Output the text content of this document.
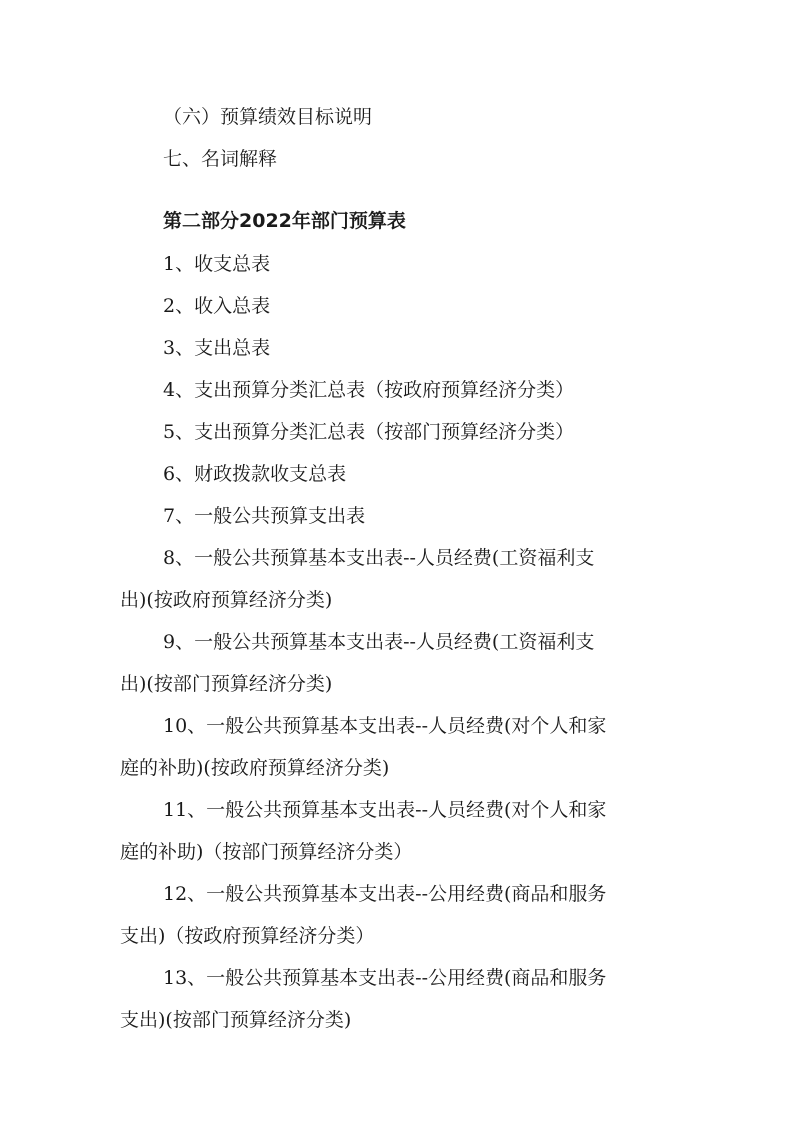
（六）预算绩效目标说明
七、名词解释
第二部分2022年部门预算表
1、收支总表
2、收入总表
3、支出总表
4、支出预算分类汇总表（按政府预算经济分类）
5、支出预算分类汇总表（按部门预算经济分类）
6、财政拨款收支总表
7、一般公共预算支出表
8、一般公共预算基本支出表--人员经费(工资福利支
出)(按政府预算经济分类)
9、一般公共预算基本支出表--人员经费(工资福利支
出)(按部门预算经济分类)
10、一般公共预算基本支出表--人员经费(对个人和家
庭的补助)(按政府预算经济分类)
11、一般公共预算基本支出表--人员经费(对个人和家
庭的补助)（按部门预算经济分类）
12、一般公共预算基本支出表--公用经费(商品和服务
支出)（按政府预算经济分类）
13、一般公共预算基本支出表--公用经费(商品和服务
支出)(按部门预算经济分类)
